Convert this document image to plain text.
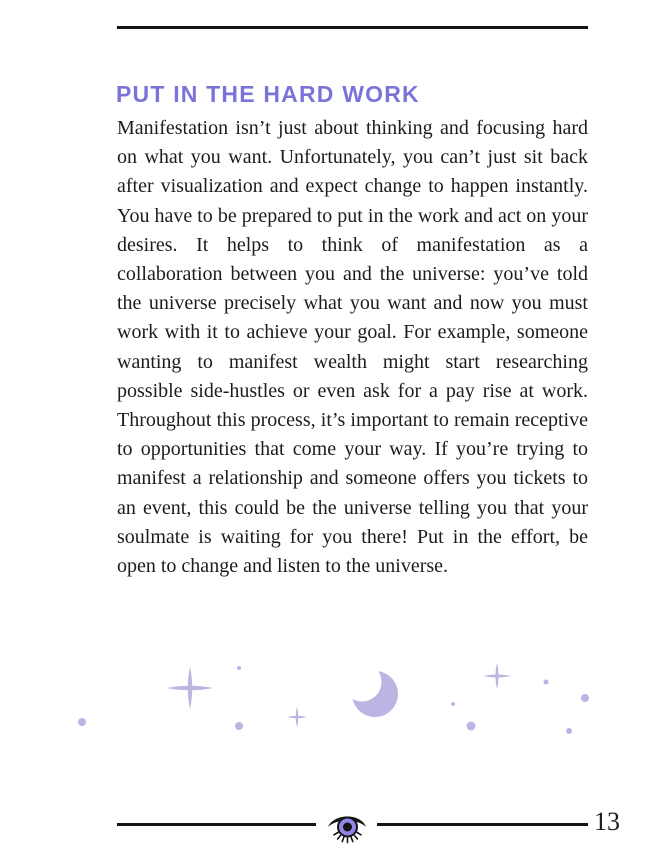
PUT IN THE HARD WORK

Manifestation isn’t just about thinking and focusing hard on what you want. Unfortunately, you can’t just sit back after visualization and expect change to happen instantly. You have to be prepared to put in the work and act on your desires. It helps to think of manifestation as a collaboration between you and the universe: you’ve told the universe precisely what you want and now you must work with it to achieve your goal. For example, someone wanting to manifest wealth might start researching possible side-hustles or even ask for a pay rise at work. Throughout this process, it’s important to remain receptive to opportunities that come your way. If you’re trying to manifest a relationship and someone offers you tickets to an event, this could be the universe telling you that your soulmate is waiting for you there! Put in the effort, be open to change and listen to the universe.

13
